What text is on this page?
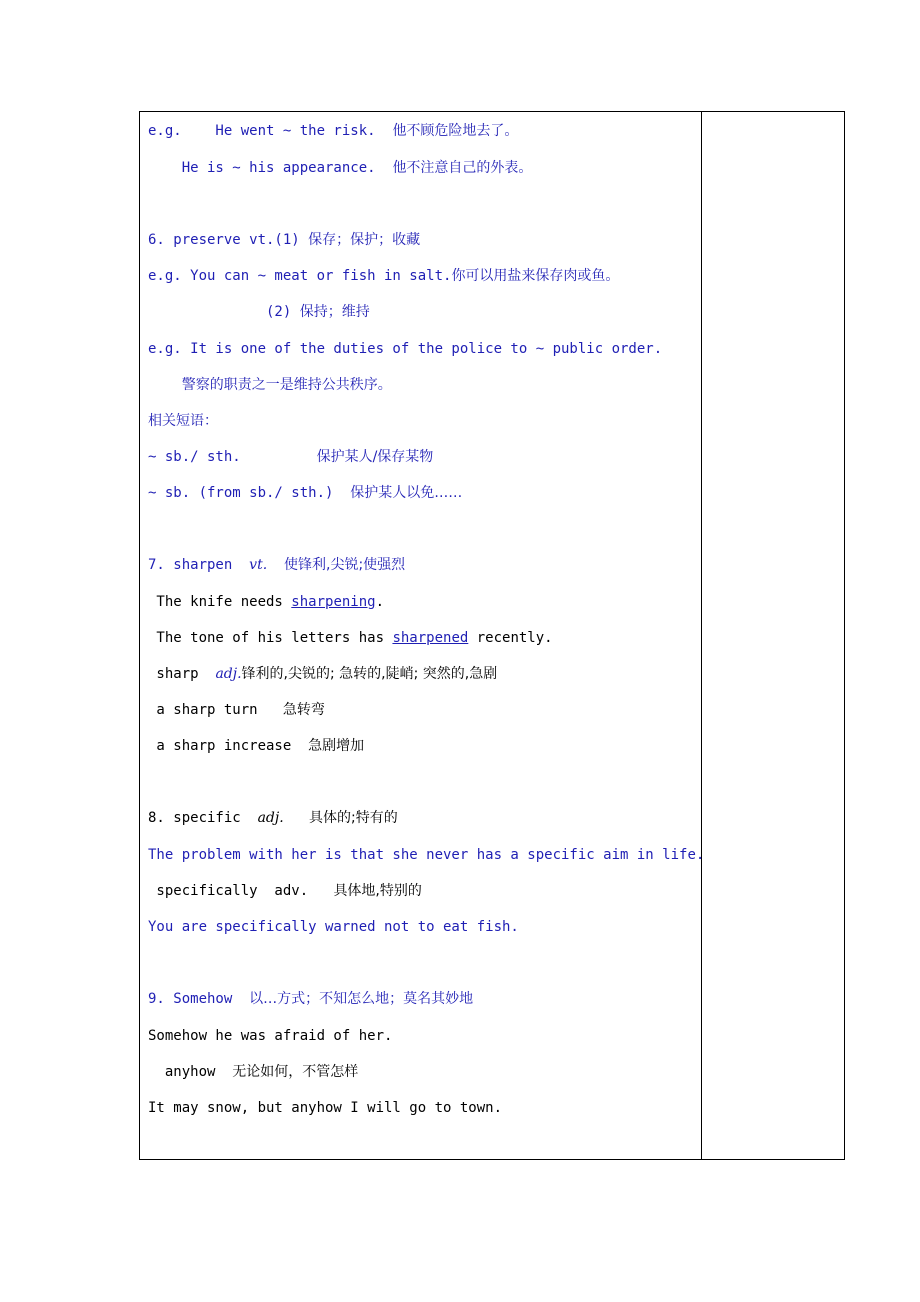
e.g.    He went ~ the risk.  他不顾危险地去了。
He is ~ his appearance.  他不注意自己的外表。
6. preserve vt.(1) 保存；保护；收藏
e.g. You can ~ meat or fish in salt.你可以用盐来保存肉或鱼。
(2) 保持；维持
e.g. It is one of the duties of the police to ~ public order.
警察的职责之一是维持公共秩序。
相关短语：
~ sb./ sth.         保护某人/保存某物
~ sb. (from sb./ sth.)  保护某人以免……
7. sharpen  vt. 使锋利,尖锐;使强烈
The knife needs sharpening.
The tone of his letters has sharpened recently.
sharp  adj.锋利的,尖锐的; 急转的,陡峭; 突然的,急剧
a sharp turn   急转弯
a sharp increase  急剧增加
8. specific  adj. 具体的;特有的
The problem with her is that she never has a specific aim in life.
specifically  adv.   具体地,特别的
You are specifically warned not to eat fish.
9. Somehow  以…方式；不知怎么地；莫名其妙地
Somehow he was afraid of her.
anyhow  无论如何，不管怎样
It may snow, but anyhow I will go to town.
